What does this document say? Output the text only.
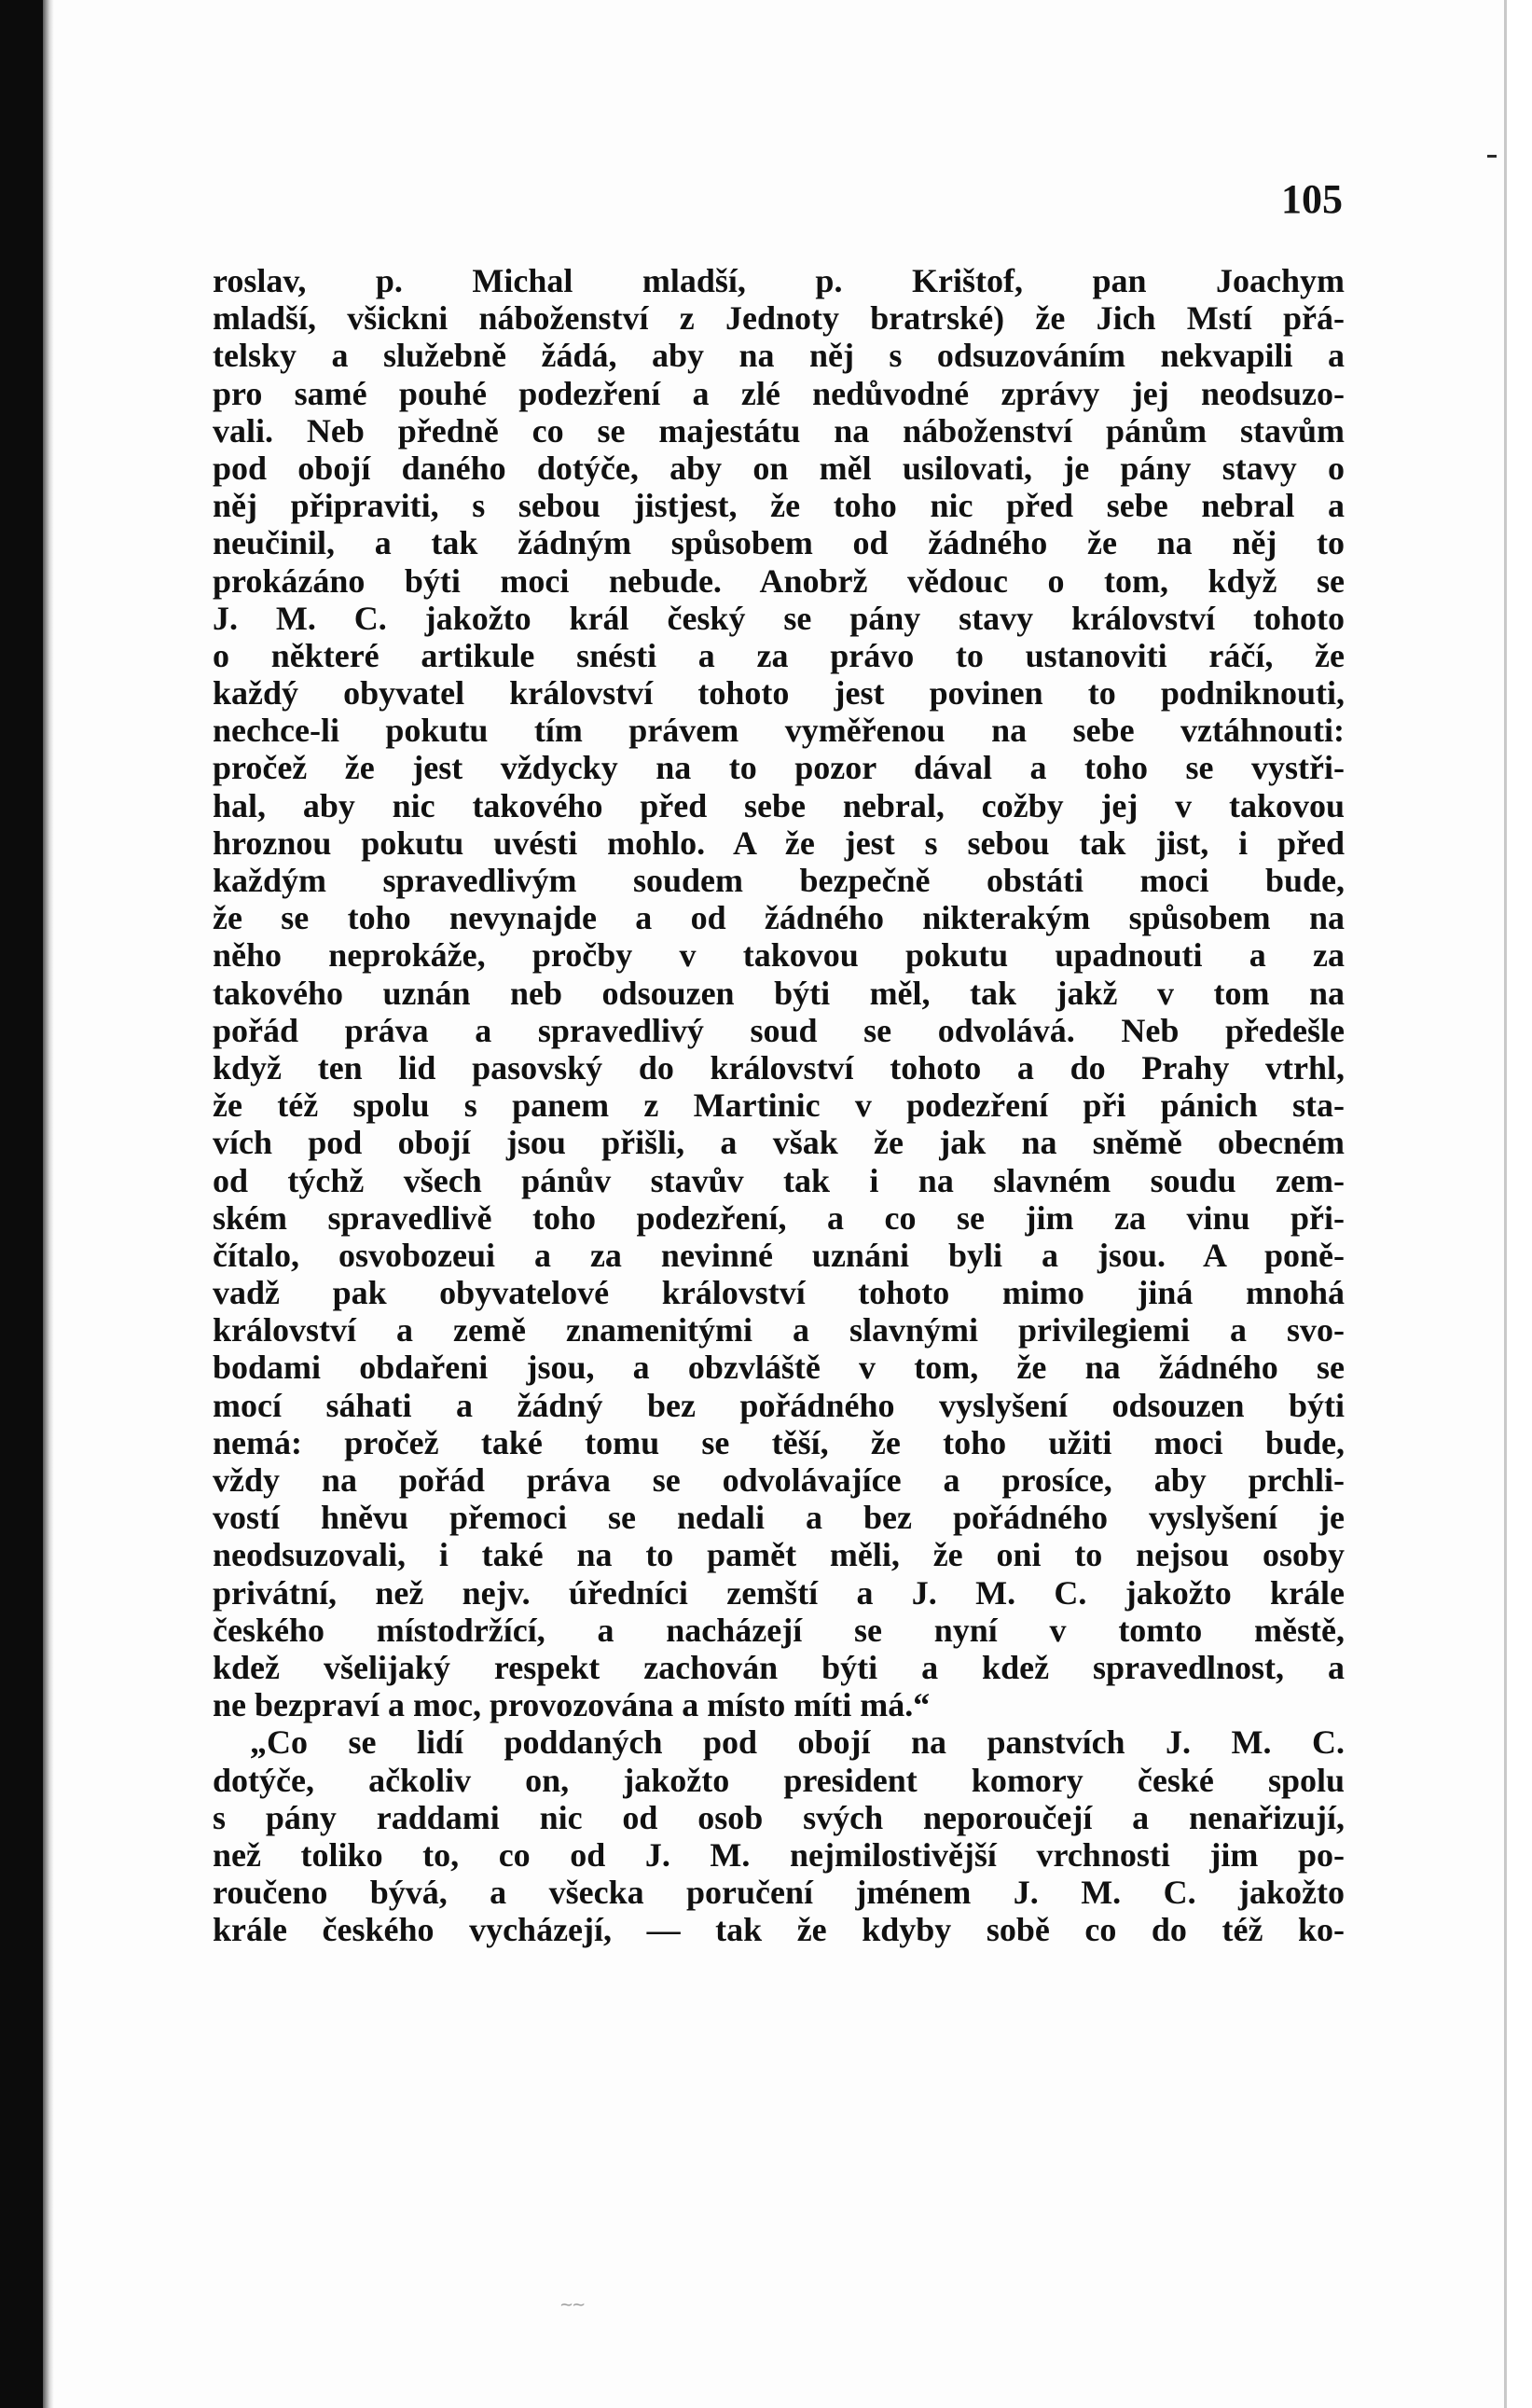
105
roslav, p. Michal mladší, p. Krištof, pan Joachym
mladší, všickni náboženství z Jednoty bratrské) že Jich Mstí přá-
telsky a služebně žádá, aby na něj s odsuzováním nekvapili a
pro samé pouhé podezření a zlé nedůvodné zprávy jej neodsuzo-
vali. Neb předně co se majestátu na náboženství pánům stavům
pod obojí daného dotýče, aby on měl usilovati, je pány stavy o
něj připraviti, s sebou jistjest, že toho nic před sebe nebral a
neučinil, a tak žádným spůsobem od žádného že na něj to
prokázáno býti moci nebude. Anobrž vědouc o tom, když se
J. M. C. jakožto král český se pány stavy království tohoto
o některé artikule snésti a za právo to ustanoviti ráčí, že
každý obyvatel království tohoto jest povinen to podniknouti,
nechce-li pokutu tím právem vyměřenou na sebe vztáhnouti:
pročež že jest vždycky na to pozor dával a toho se vystři-
hal, aby nic takového před sebe nebral, cožby jej v takovou
hroznou pokutu uvésti mohlo. A že jest s sebou tak jist, i před
každým spravedlivým soudem bezpečně obstáti moci bude,
že se toho nevynajde a od žádného nikterakým spůsobem na
něho neprokáže, pročby v takovou pokutu upadnouti a za
takového uznán neb odsouzen býti měl, tak jakž v tom na
pořád práva a spravedlivý soud se odvolává. Neb předešle
když ten lid pasovský do království tohoto a do Prahy vtrhl,
že též spolu s panem z Martinic v podezření při pánich sta-
vích pod obojí jsou přišli, a však že jak na sněmě obecném
od týchž všech pánův stavův tak i na slavném soudu zem-
ském spravedlivě toho podezření, a co se jim za vinu při-
čítalo, osvobozeui a za nevinné uznáni byli a jsou. A poně-
vadž pak obyvatelové království tohoto mimo jiná mnohá
království a země znamenitými a slavnými privilegiemi a svo-
bodami obdařeni jsou, a obzvláště v tom, že na žádného se
mocí sáhati a žádný bez pořádného vyslyšení odsouzen býti
nemá: pročež také tomu se těší, že toho užiti moci bude,
vždy na pořád práva se odvolávajíce a prosíce, aby prchli-
vostí hněvu přemoci se nedali a bez pořádného vyslyšení je
neodsuzovali, i také na to pamět měli, že oni to nejsou osoby
privátní, než nejv. úředníci zemští a J. M. C. jakožto krále
českého místodržící, a nacházejí se nyní v tomto městě,
kdež všelijaký respekt zachován býti a kdež spravedlnost, a
ne bezpraví a moc, provozována a místo míti má.“
„Co se lidí poddaných pod obojí na panstvích J. M. C.
dotýče, ačkoliv on, jakožto president komory české spolu
s pány raddami nic od osob svých neporoučejí a nenařizují,
než toliko to, co od J. M. nejmilostivější vrchnosti jim po-
roučeno bývá, a všecka poručení jménem J. M. C. jakožto
krále českého vycházejí, — tak že kdyby sobě co do též ko-
~~
